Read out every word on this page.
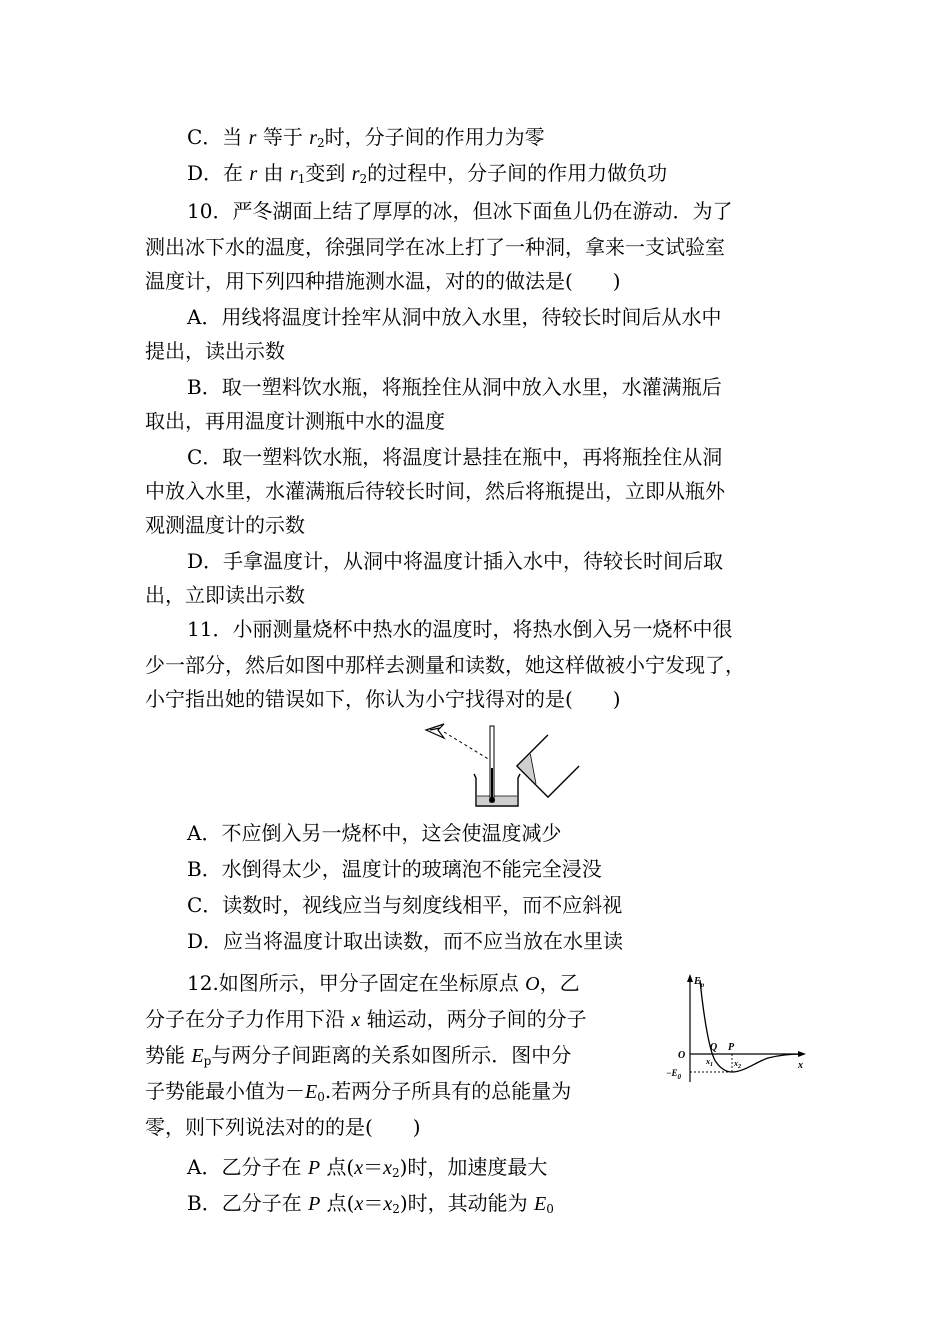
C．当 r 等于 $r_2$时，分子间的作用力为零
D．在 r 由 $r_1$变到 $r_2$的过程中，分子间的作用力做负功
10．严冬湖面上结了厚厚的冰，但冰下面鱼儿仍在游动．为了
测出冰下水的温度，徐强同学在冰上打了一种洞，拿来一支试验室
温度计，用下列四种措施测水温，对的的做法是(　　)
A．用线将温度计拴牢从洞中放入水里，待较长时间后从水中
提出，读出示数
B．取一塑料饮水瓶，将瓶拴住从洞中放入水里，水灌满瓶后
取出，再用温度计测瓶中水的温度
C．取一塑料饮水瓶，将温度计悬挂在瓶中，再将瓶拴住从洞
中放入水里，水灌满瓶后待较长时间，然后将瓶提出，立即从瓶外
观测温度计的示数
D．手拿温度计，从洞中将温度计插入水中，待较长时间后取
出，立即读出示数
11．小丽测量烧杯中热水的温度时，将热水倒入另一烧杯中很
少一部分，然后如图中那样去测量和读数，她这样做被小宁发现了，
小宁指出她的错误如下，你认为小宁找得对的是(　　)
A．不应倒入另一烧杯中，这会使温度减少
B．水倒得太少，温度计的玻璃泡不能完全浸没
C．读数时，视线应当与刻度线相平，而不应斜视
D．应当将温度计取出读数，而不应当放在水里读
12.如图所示，甲分子固定在坐标原点 O，乙
分子在分子力作用下沿 x 轴运动，两分子间的分子
势能 $E_p$与两分子间距离的关系如图所示．图中分
子势能最小值为$-E_0$.若两分子所具有的总能量为
零，则下列说法对的的是(　　)
A．乙分子在 P 点$(x=x_2)$时，加速度最大
B．乙分子在 P 点$(x=x_2)$时，其动能为 $E_0$
$E_p$
O
$-E_0$
x
Q P
$x_1$	$x_2$
